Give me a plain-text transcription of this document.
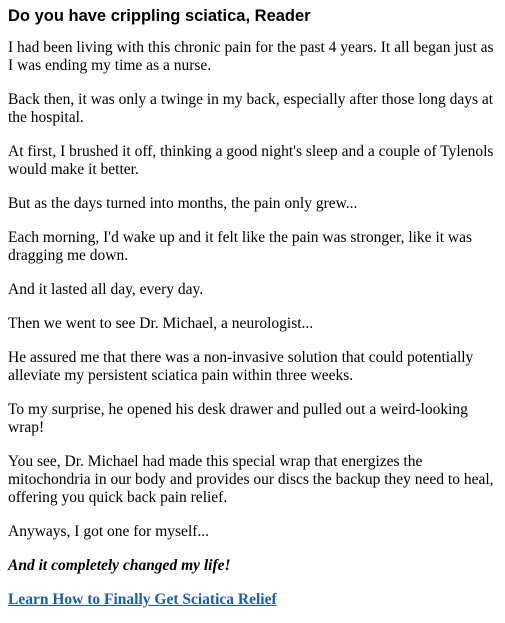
Do you have crippling sciatica, Reader

I had been living with this chronic pain for the past 4 years. It all began just as I was ending my time as a nurse.

Back then, it was only a twinge in my back, especially after those long days at the hospital.

At first, I brushed it off, thinking a good night's sleep and a couple of Tylenols would make it better.

But as the days turned into months, the pain only grew...

Each morning, I'd wake up and it felt like the pain was stronger, like it was dragging me down.

And it lasted all day, every day.

Then we went to see Dr. Michael, a neurologist...

He assured me that there was a non-invasive solution that could potentially alleviate my persistent sciatica pain within three weeks.

To my surprise, he opened his desk drawer and pulled out a weird-looking wrap!

You see, Dr. Michael had made this special wrap that energizes the mitochondria in our body and provides our discs the backup they need to heal, offering you quick back pain relief.

Anyways, I got one for myself...

And it completely changed my life!

Learn How to Finally Get Sciatica Relief
